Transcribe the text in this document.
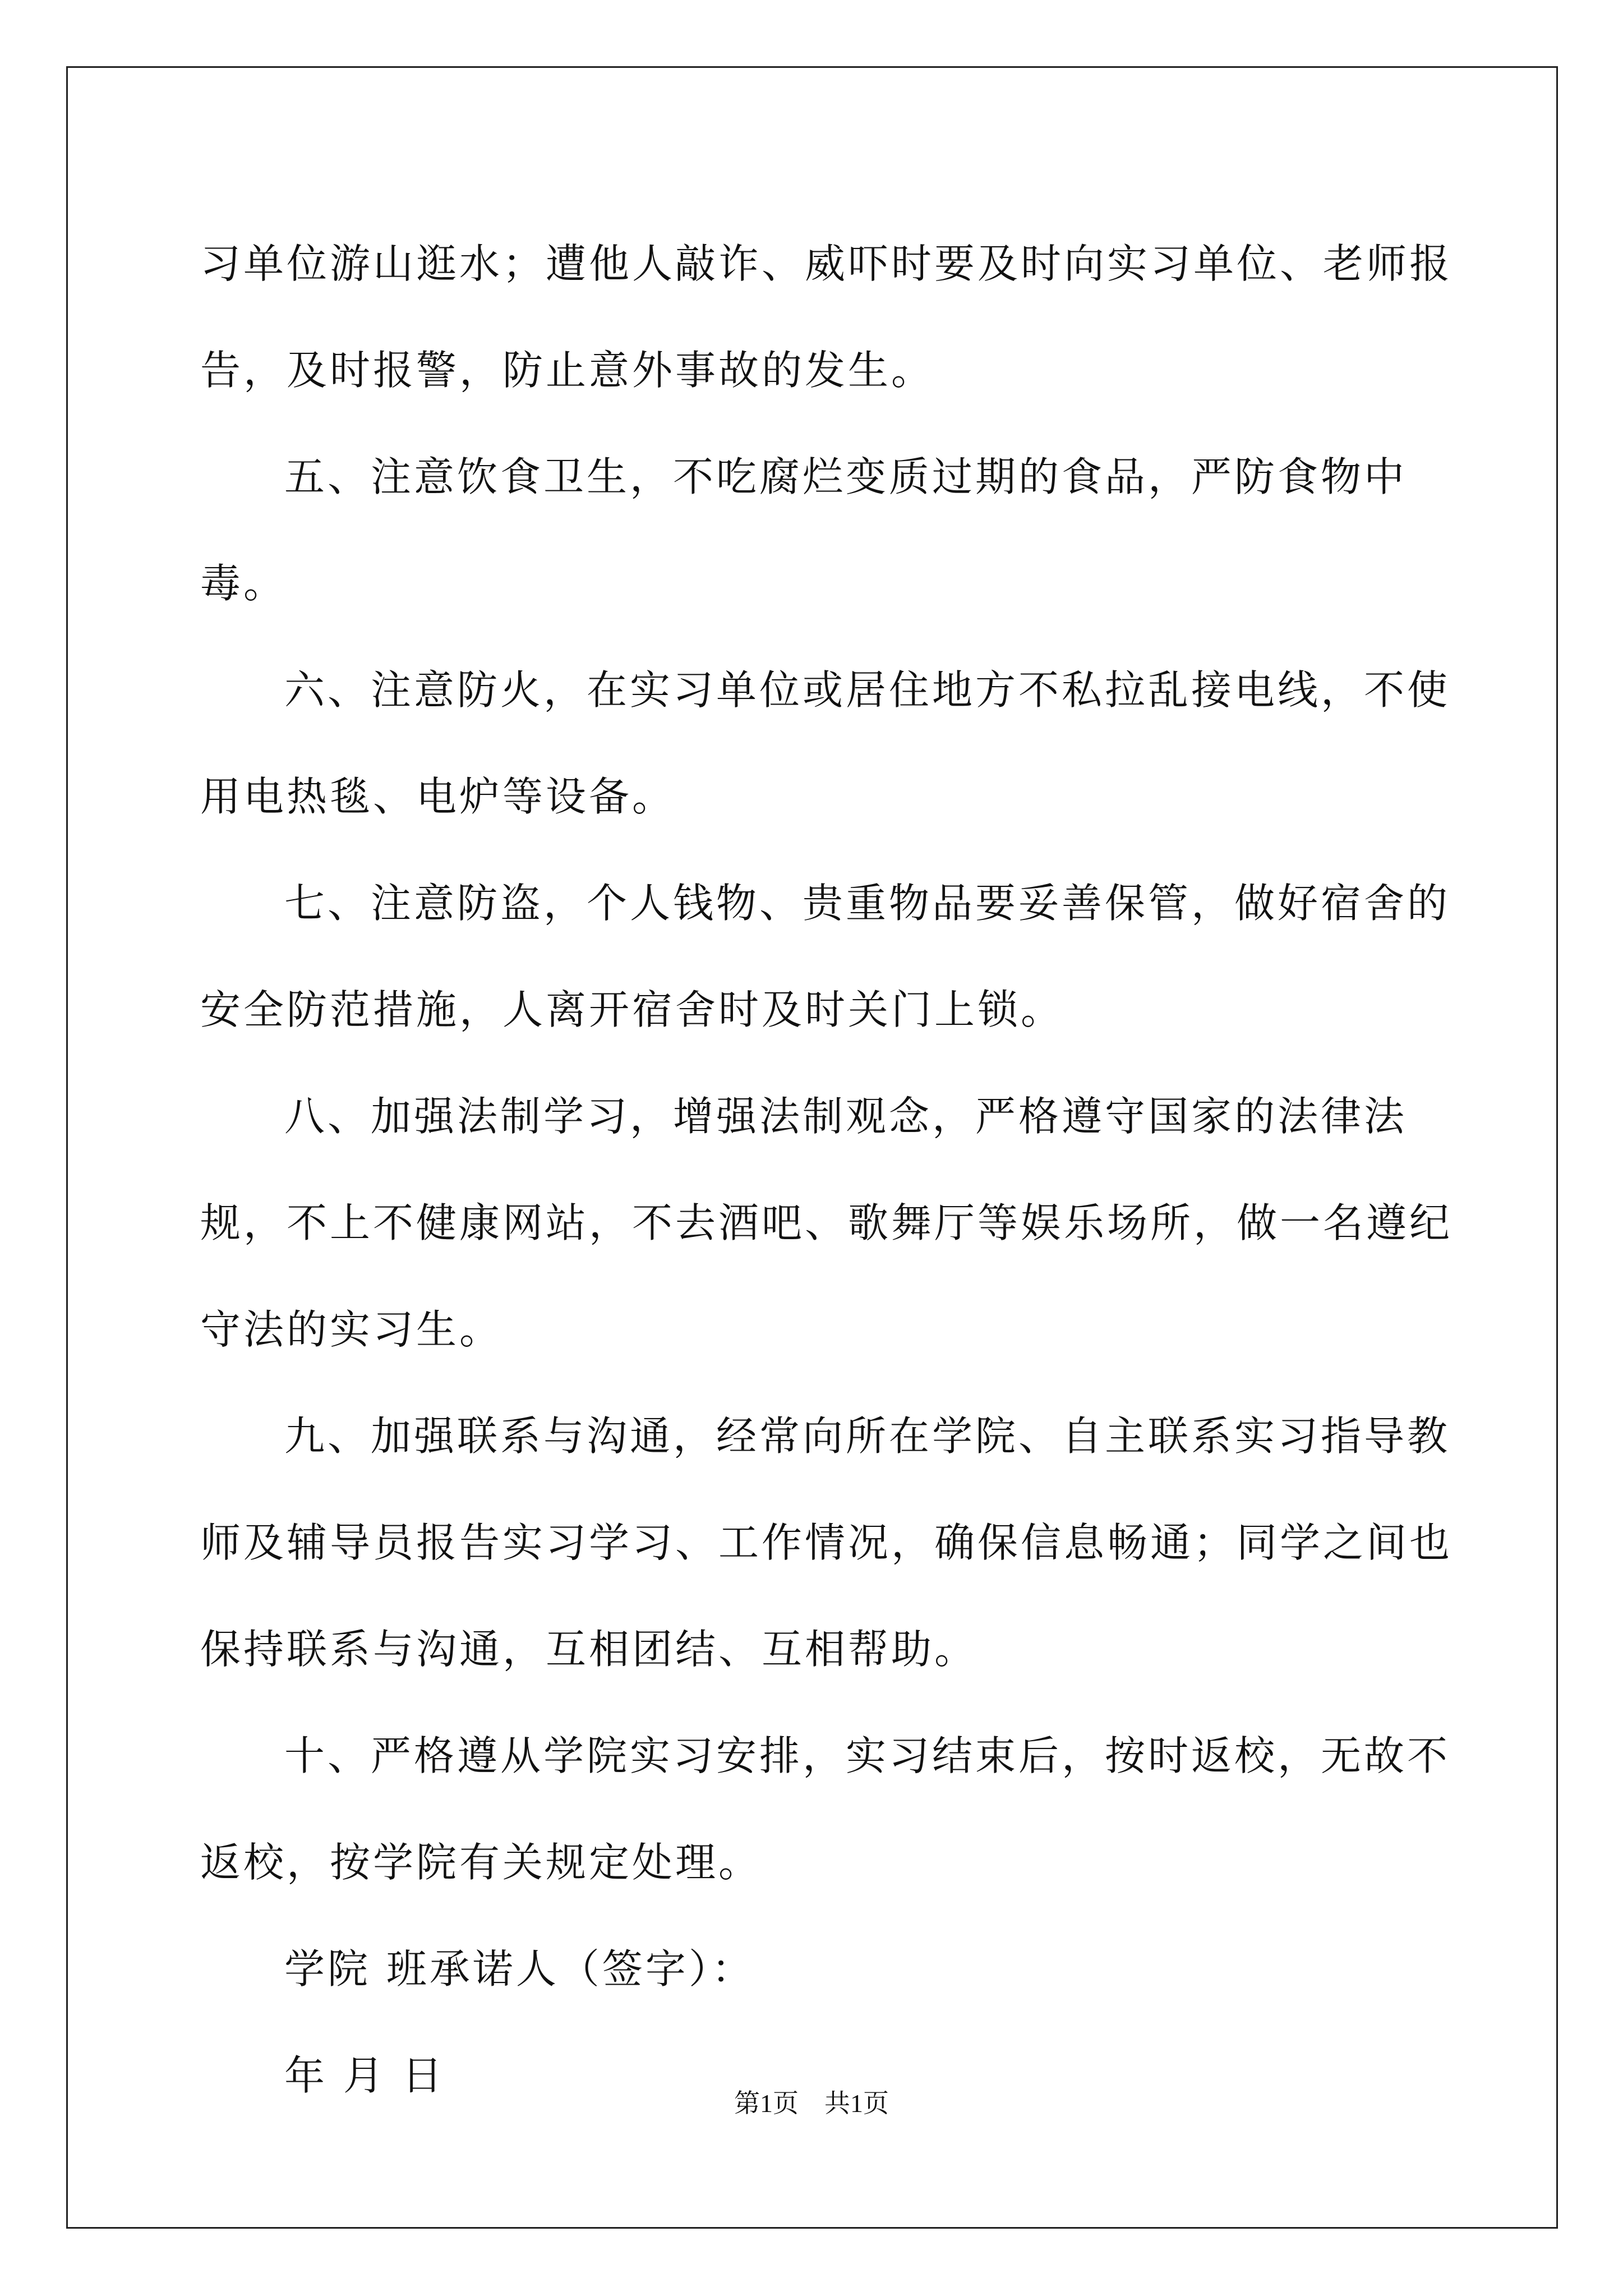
习单位游山逛水；遭他人敲诈、威吓时要及时向实习单位、老师报告，及时报警，防止意外事故的发生。

五、注意饮食卫生，不吃腐烂变质过期的食品，严防食物中毒。

六、注意防火，在实习单位或居住地方不私拉乱接电线，不使用电热毯、电炉等设备。

七、注意防盗，个人钱物、贵重物品要妥善保管，做好宿舍的安全防范措施，人离开宿舍时及时关门上锁。

八、加强法制学习，增强法制观念，严格遵守国家的法律法规，不上不健康网站，不去酒吧、歌舞厅等娱乐场所，做一名遵纪守法的实习生。

九、加强联系与沟通，经常向所在学院、自主联系实习指导教师及辅导员报告实习学习、工作情况，确保信息畅通；同学之间也保持联系与沟通，互相团结、互相帮助。

十、严格遵从学院实习安排，实习结束后，按时返校，无故不返校，按学院有关规定处理。

学院 班承诺人（签字）：

年 月 日

第1页　共1页
